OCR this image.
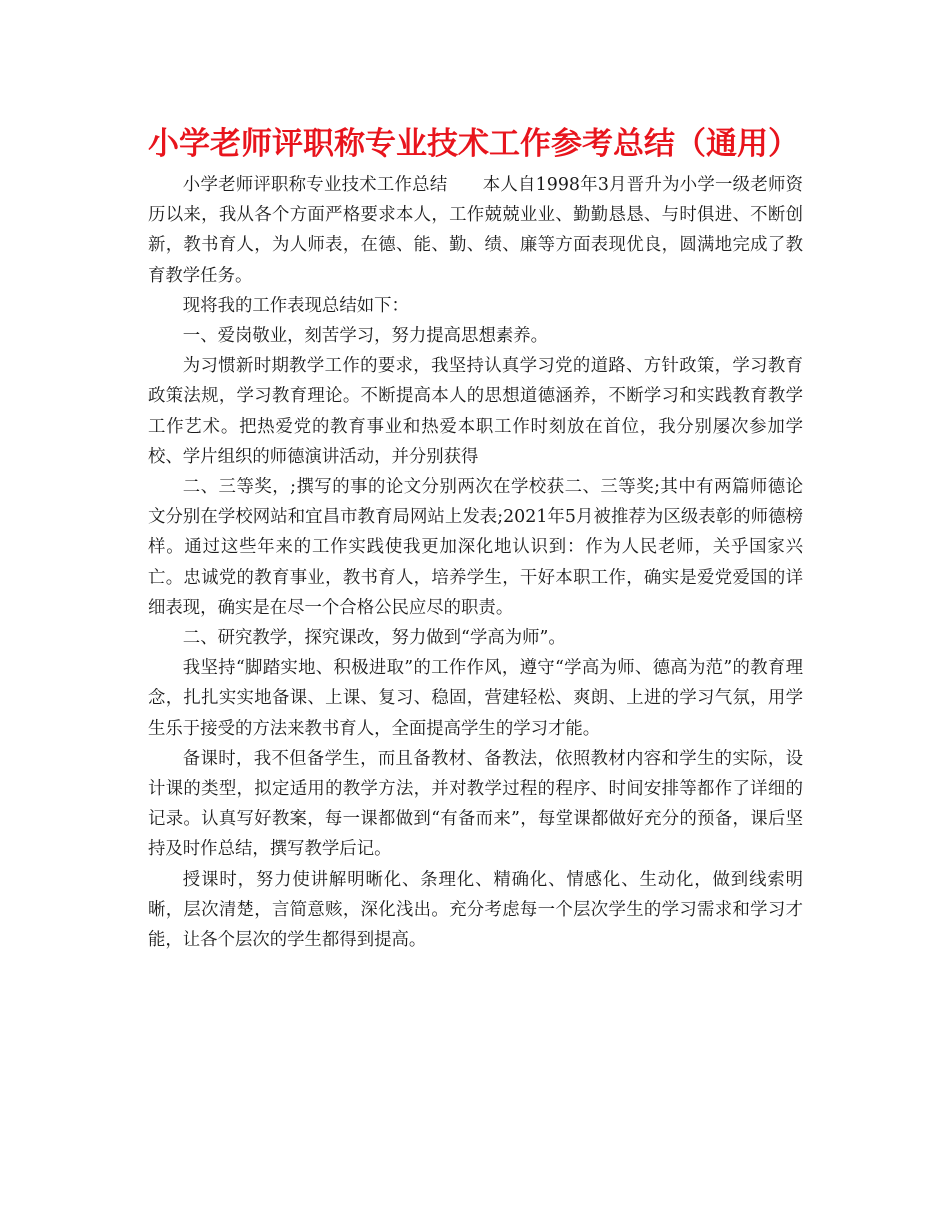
小学老师评职称专业技术工作参考总结（通用）

小学老师评职称专业技术工作总结　　本人自1998年3月晋升为小学一级老师资历以来，我从各个方面严格要求本人，工作兢兢业业、勤勤恳恳、与时俱进、不断创新，教书育人，为人师表，在德、能、勤、绩、廉等方面表现优良，圆满地完成了教育教学任务。

现将我的工作表现总结如下：

一、爱岗敬业，刻苦学习，努力提高思想素养。

为习惯新时期教学工作的要求，我坚持认真学习党的道路、方针政策，学习教育政策法规，学习教育理论。不断提高本人的思想道德涵养，不断学习和实践教育教学工作艺术。把热爱党的教育事业和热爱本职工作时刻放在首位，我分别屡次参加学校、学片组织的师德演讲活动，并分别获得

二、三等奖，;撰写的事的论文分别两次在学校获二、三等奖;其中有两篇师德论文分别在学校网站和宜昌市教育局网站上发表;2021年5月被推荐为区级表彰的师德榜样。通过这些年来的工作实践使我更加深化地认识到：作为人民老师，关乎国家兴亡。忠诚党的教育事业，教书育人，培养学生，干好本职工作，确实是爱党爱国的详细表现，确实是在尽一个合格公民应尽的职责。

二、研究教学，探究课改，努力做到“学高为师”。

我坚持“脚踏实地、积极进取”的工作作风，遵守“学高为师、德高为范”的教育理念，扎扎实实地备课、上课、复习、稳固，营建轻松、爽朗、上进的学习气氛，用学生乐于接受的方法来教书育人，全面提高学生的学习才能。

备课时，我不但备学生，而且备教材、备教法，依照教材内容和学生的实际，设计课的类型，拟定适用的教学方法，并对教学过程的程序、时间安排等都作了详细的记录。认真写好教案，每一课都做到“有备而来”，每堂课都做好充分的预备，课后坚持及时作总结，撰写教学后记。

授课时，努力使讲解明晰化、条理化、精确化、情感化、生动化，做到线索明晰，层次清楚，言简意赅，深化浅出。充分考虑每一个层次学生的学习需求和学习才能，让各个层次的学生都得到提高。
